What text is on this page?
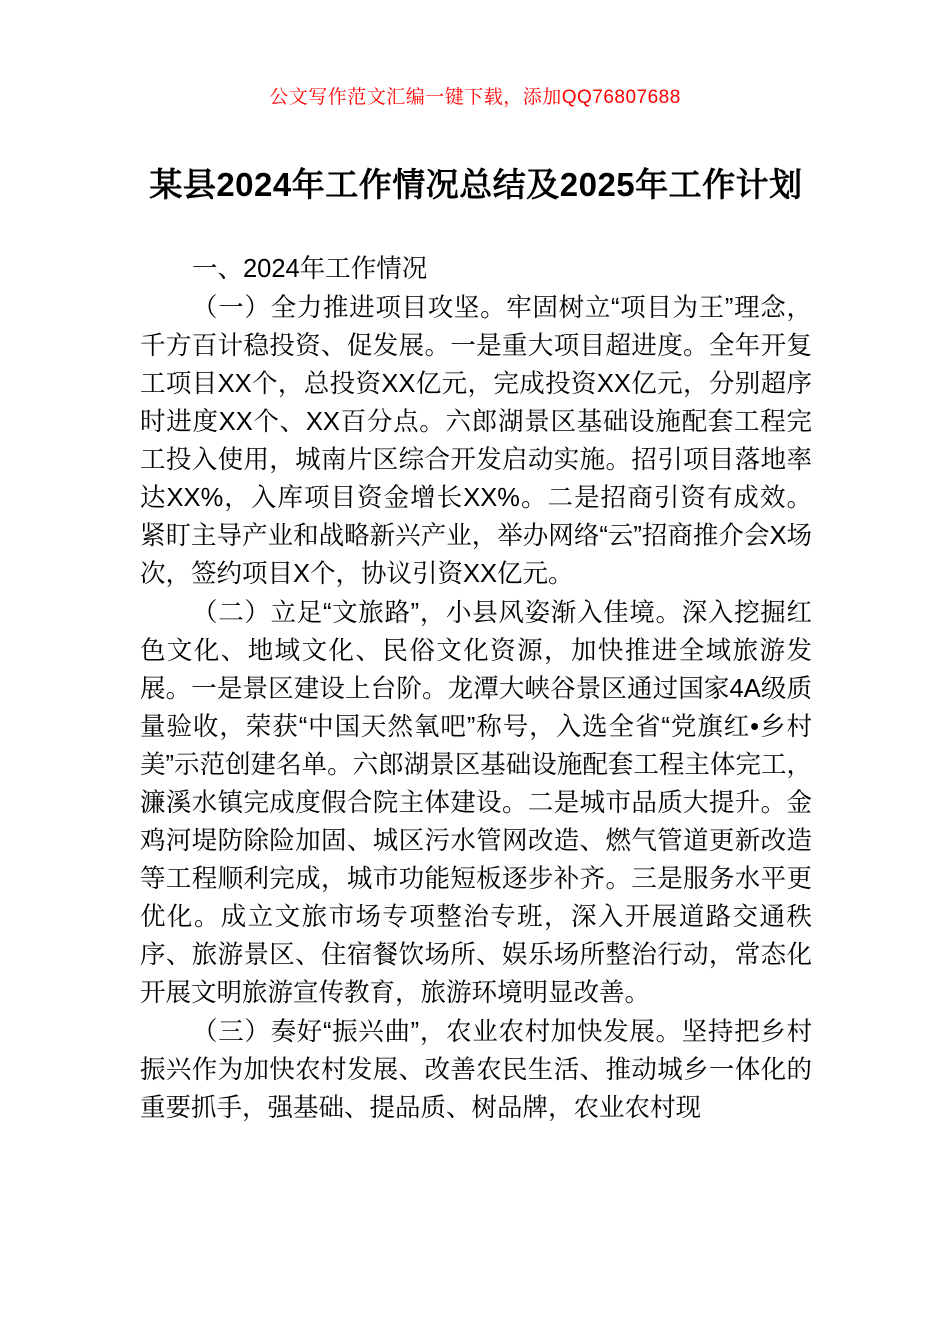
公文写作范文汇编一键下载，添加QQ76807688
某县2024年工作情况总结及2025年工作计划

一、2024年工作情况

（一）全力推进项目攻坚。牢固树立“项目为王”理念，千方百计稳投资、促发展。一是重大项目超进度。全年开复工项目XX个，总投资XX亿元，完成投资XX亿元，分别超序时进度XX个、XX百分点。六郎湖景区基础设施配套工程完工投入使用，城南片区综合开发启动实施。招引项目落地率达XX%，入库项目资金增长XX%。二是招商引资有成效。紧盯主导产业和战略新兴产业，举办网络“云”招商推介会X场次，签约项目X个，协议引资XX亿元。

（二）立足“文旅路”，小县风姿渐入佳境。深入挖掘红色文化、地域文化、民俗文化资源，加快推进全域旅游发展。一是景区建设上台阶。龙潭大峡谷景区通过国家4A级质量验收，荣获“中国天然氧吧”称号，入选全省“党旗红•乡村美”示范创建名单。六郎湖景区基础设施配套工程主体完工，濂溪水镇完成度假合院主体建设。二是城市品质大提升。金鸡河堤防除险加固、城区污水管网改造、燃气管道更新改造等工程顺利完成，城市功能短板逐步补齐。三是服务水平更优化。成立文旅市场专项整治专班，深入开展道路交通秩序、旅游景区、住宿餐饮场所、娱乐场所整治行动，常态化开展文明旅游宣传教育，旅游环境明显改善。

（三）奏好“振兴曲”，农业农村加快发展。坚持把乡村振兴作为加快农村发展、改善农民生活、推动城乡一体化的重要抓手，强基础、提品质、树品牌，农业农村现
